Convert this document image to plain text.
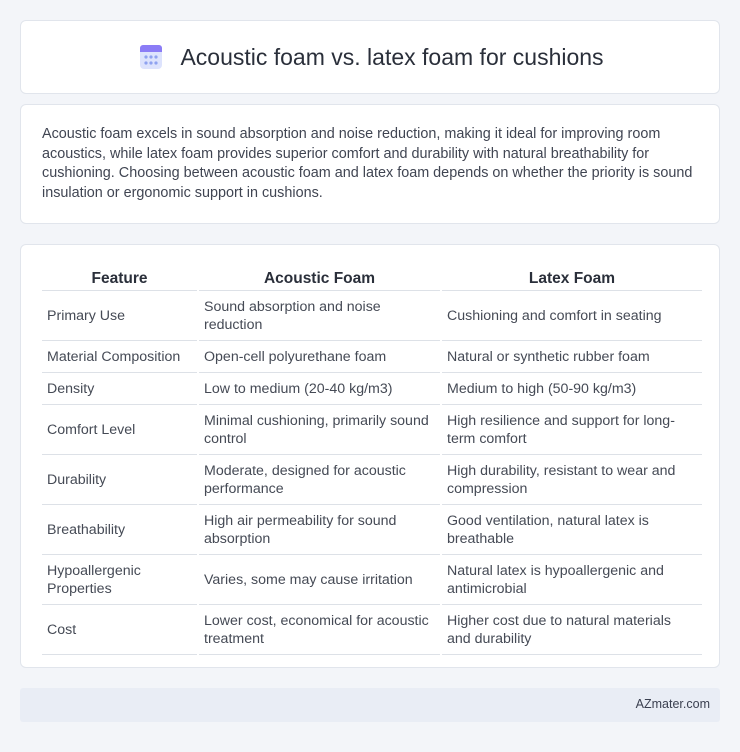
Acoustic foam vs. latex foam for cushions

Acoustic foam excels in sound absorption and noise reduction, making it ideal for improving room acoustics, while latex foam provides superior comfort and durability with natural breathability for cushioning. Choosing between acoustic foam and latex foam depends on whether the priority is sound insulation or ergonomic support in cushions.

Feature	Acoustic Foam	Latex Foam
Primary Use	Sound absorption and noise reduction	Cushioning and comfort in seating
Material Composition	Open-cell polyurethane foam	Natural or synthetic rubber foam
Density	Low to medium (20-40 kg/m3)	Medium to high (50-90 kg/m3)
Comfort Level	Minimal cushioning, primarily sound control	High resilience and support for long-term comfort
Durability	Moderate, designed for acoustic performance	High durability, resistant to wear and compression
Breathability	High air permeability for sound absorption	Good ventilation, natural latex is breathable
Hypoallergenic Properties	Varies, some may cause irritation	Natural latex is hypoallergenic and antimicrobial
Cost	Lower cost, economical for acoustic treatment	Higher cost due to natural materials and durability
AZmater.com
